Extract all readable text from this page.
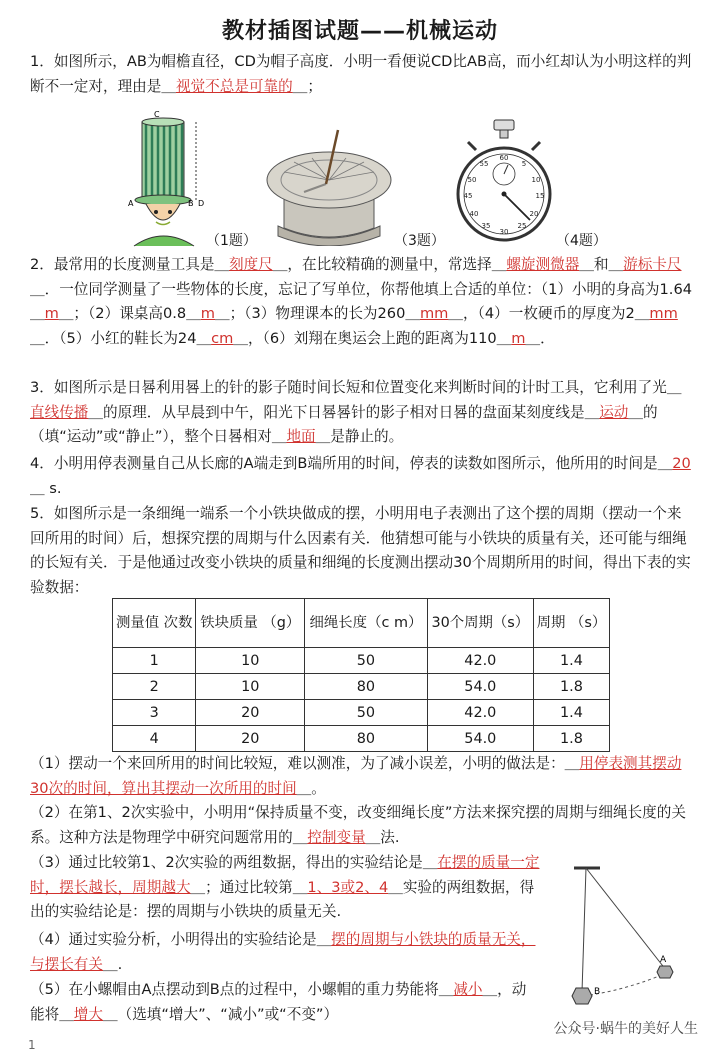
教材插图试题——机械运动
1．如图所示，AB为帽檐直径，CD为帽子高度．小明一看便说CD比AB高，而小红却认为小明这样的判断不一定对，理由是＿视觉不总是可靠的＿；
C
A	B D
（1题）	（3题）
60
5
10
15
20
25
30
35
40
45
50
55
（4题）
2．最常用的长度测量工具是＿刻度尺＿，在比较精确的测量中，常选择＿螺旋测微器＿和＿游标卡尺＿．一位同学测量了一些物体的长度，忘记了写单位，你帮他填上合适的单位：（1）小明的身高为1.64＿m＿；（2）课桌高0.8＿m＿；（3）物理课本的长为260＿mm＿，（4）一枚硬币的厚度为2＿mm＿．（5）小红的鞋长为24＿cm＿，（6）刘翔在奥运会上跑的距离为110＿m＿．
3．如图所示是日晷利用晷上的针的影子随时间长短和位置变化来判断时间的计时工具，它利用了光＿直线传播＿的原理．从早晨到中午，阳光下日晷晷针的影子相对日晷的盘面某刻度线是＿运动＿的（填“运动”或“静止”），整个日晷相对＿地面＿是静止的。
4．小明用停表测量自己从长廊的A端走到B端所用的时间，停表的读数如图所示，他所用的时间是＿20＿ s.
5．如图所示是一条细绳一端系一个小铁块做成的摆，小明用电子表测出了这个摆的周期（摆动一个来回所用的时间）后，想探究摆的周期与什么因素有关．他猜想可能与小铁块的质量有关，还可能与细绳的长短有关．于是他通过改变小铁块的质量和细绳的长度测出摆动30个周期所用的时间，得出下表的实验数据：
测量值 次数	铁块质量 （g）	细绳长度（c m）	30个周期（s）	周期 （s）
1	10	50	42.0	1.4
2	10	80	54.0	1.8
3	20	50	42.0	1.4
4	20	80	54.0	1.8
（1）摆动一个来回所用的时间比较短，难以测准，为了减小误差，小明的做法是：＿用停表测其摆动30次的时间，算出其摆动一次所用的时间＿。
（2）在第1、2次实验中，小明用“保持质量不变，改变细绳长度”方法来探究摆的周期与细绳长度的关系。这种方法是物理学中研究问题常用的＿控制变量＿法.
（3）通过比较第1、2次实验的两组数据，得出的实验结论是＿在摆的质量一定时，摆长越长，周期越大＿；通过比较第＿1、3或2、4＿实验的两组数据，得出的实验结论是：摆的周期与小铁块的质量无关.
（4）通过实验分析，小明得出的实验结论是＿摆的周期与小铁块的质量无关，与摆长有关＿.
（5）在小螺帽由A点摆动到B点的过程中，小螺帽的重力势能将＿减小＿，动能将＿增大＿（选填“增大”、“减小”或“不变”）
B
A
公众号·蜗牛的美好人生
1
